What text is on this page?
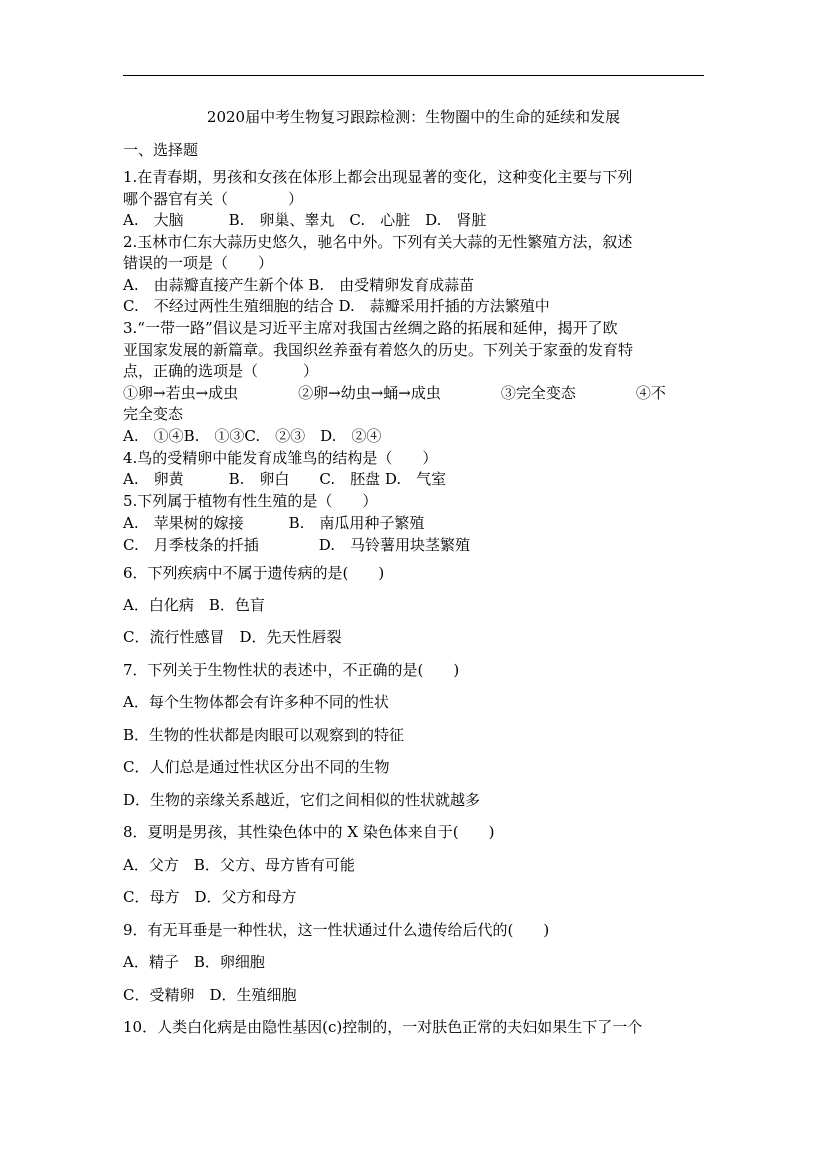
2020届中考生物复习跟踪检测：生物圈中的生命的延续和发展
一、选择题
1.在青春期，男孩和女孩在体形上都会出现显著的变化，这种变化主要与下列
哪个器官有关（　　　　）
A.　大脑　　　B.　卵巢、睾丸　C.　心脏　D.　肾脏
2.玉林市仁东大蒜历史悠久，驰名中外。下列有关大蒜的无性繁殖方法，叙述
错误的一项是（　　）
A.　由蒜瓣直接产生新个体 B.　由受精卵发育成蒜苗
C.　不经过两性生殖细胞的结合 D.　蒜瓣采用扦插的方法繁殖中
3.“一带一路”倡议是习近平主席对我国古丝绸之路的拓展和延伸，揭开了欧
亚国家发展的新篇章。我国织丝养蚕有着悠久的历史。下列关于家蚕的发育特
点，正确的选项是（　　　）
①卵→若虫→成虫　　　　②卵→幼虫→蛹→成虫　　　　③完全变态　　　　④不
完全变态
A.　①④B.　①③C.　②③　D.　②④
4.鸟的受精卵中能发育成雏鸟的结构是（　　）
A.　卵黄　　　B.　卵白　　C.　胚盘 D.　气室
5.下列属于植物有性生殖的是（　　）
A.　苹果树的嫁接　　　B.　南瓜用种子繁殖
C.　月季枝条的扦插　　　　D.　马铃薯用块茎繁殖
6．下列疾病中不属于遗传病的是(　　)
A．白化病　B．色盲
C．流行性感冒　D．先天性唇裂
7．下列关于生物性状的表述中，不正确的是(　　)
A．每个生物体都会有许多种不同的性状
B．生物的性状都是肉眼可以观察到的特征
C．人们总是通过性状区分出不同的生物
D．生物的亲缘关系越近，它们之间相似的性状就越多
8．夏明是男孩，其性染色体中的 X 染色体来自于(　　)
A．父方　B．父方、母方皆有可能
C．母方　D．父方和母方
9．有无耳垂是一种性状，这一性状通过什么遗传给后代的(　　)
A．精子　B．卵细胞
C．受精卵　D．生殖细胞
10．人类白化病是由隐性基因(c)控制的，一对肤色正常的夫妇如果生下了一个
